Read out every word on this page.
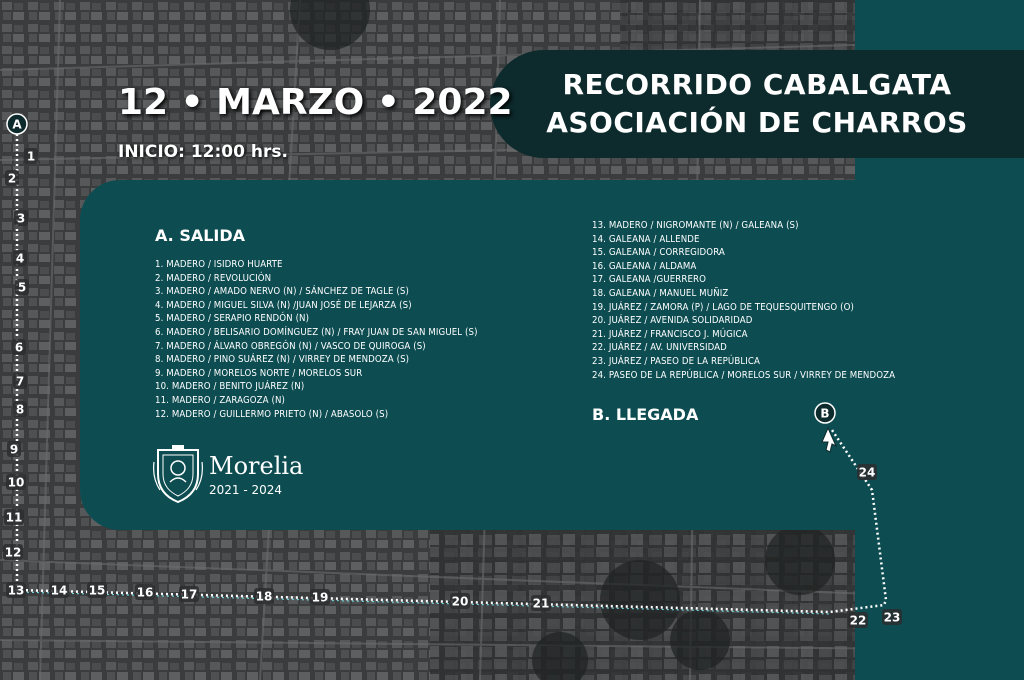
RECORRIDO CABALGATA
ASOCIACIÓN DE CHARROS
12 • MARZO • 2022
INICIO: 12:00 hrs.
A. SALIDA
1. MADERO / ISIDRO HUARTE
2. MADERO / REVOLUCIÓN
3. MADERO / AMADO NERVO (N) / SÁNCHEZ DE TAGLE (S)
4. MADERO / MIGUEL SILVA (N) /JUAN JOSÉ DE LEJARZA (S)
5. MADERO / SERAPIO RENDÓN (N)
6. MADERO / BELISARIO DOMÍNGUEZ (N) / FRAY JUAN DE SAN MIGUEL (S)
7. MADERO / ÁLVARO OBREGÓN (N) / VASCO DE QUIROGA (S)
8. MADERO / PINO SUÁREZ (N) / VIRREY DE MENDOZA (S)
9. MADERO / MORELOS NORTE / MORELOS SUR
10. MADERO / BENITO JUÁREZ (N)
11. MADERO / ZARAGOZA (N)
12. MADERO / GUILLERMO PRIETO (N) / ABASOLO (S)
13. MADERO / NIGROMANTE (N) / GALEANA (S)
14. GALEANA / ALLENDE
15. GALEANA / CORREGIDORA
16. GALEANA / ALDAMA
17. GALEANA /GUERRERO
18. GALEANA / MANUEL MUÑIZ
19. JUÁREZ / ZAMORA (P) / LAGO DE TEQUESQUITENGO (O)
20. JUÁREZ / AVENIDA SOLIDARIDAD
21. JUÁREZ / FRANCISCO J. MÚGICA
22. JUÁREZ / AV. UNIVERSIDAD
23. JUÁREZ / PASEO DE LA REPÚBLICA
24. PASEO DE LA REPÚBLICA / MORELOS SUR / VIRREY DE MENDOZA
B. LLEGADA
Morelia
2021 - 2024
A
1
2
3
4
5
6
7
8
9
10
11
12
13 14 15	16 17	18	19	20	21
22 23
24
B
